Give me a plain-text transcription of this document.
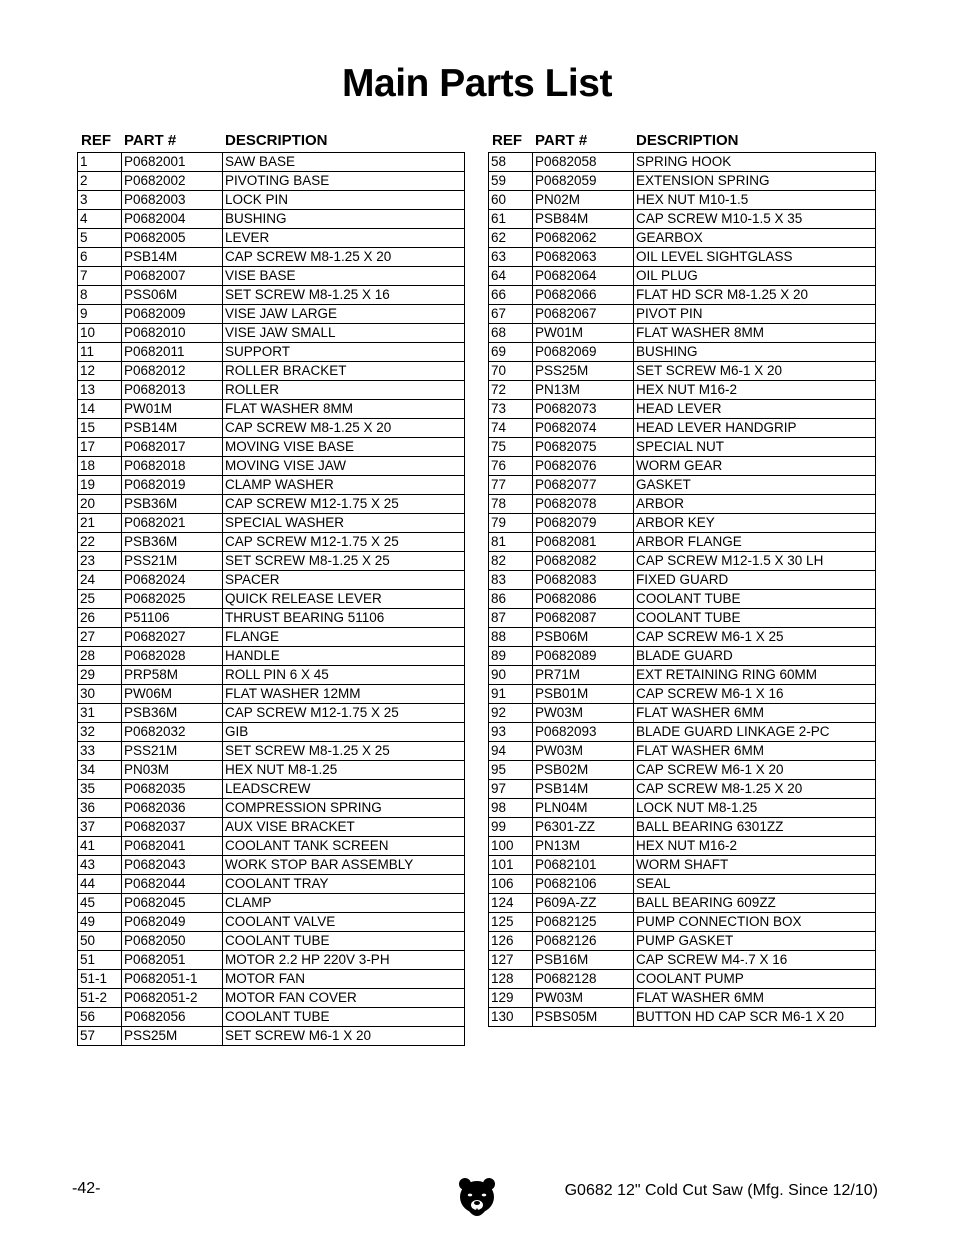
Main Parts List
REF PART #	DESCRIPTION
1	P0682001	SAW BASE
2	P0682002	PIVOTING BASE
3	P0682003	LOCK PIN
4	P0682004	BUSHING
5	P0682005	LEVER
6	PSB14M	CAP SCREW M8-1.25 X 20
7	P0682007	VISE BASE
8	PSS06M	SET SCREW M8-1.25 X 16
9	P0682009	VISE JAW LARGE
10	P0682010	VISE JAW SMALL
11	P0682011	SUPPORT
12	P0682012	ROLLER BRACKET
13	P0682013	ROLLER
14	PW01M	FLAT WASHER 8MM
15	PSB14M	CAP SCREW M8-1.25 X 20
17	P0682017	MOVING VISE BASE
18	P0682018	MOVING VISE JAW
19	P0682019	CLAMP WASHER
20	PSB36M	CAP SCREW M12-1.75 X 25
21	P0682021	SPECIAL WASHER
22	PSB36M	CAP SCREW M12-1.75 X 25
23	PSS21M	SET SCREW M8-1.25 X 25
24	P0682024	SPACER
25	P0682025	QUICK RELEASE LEVER
26	P51106	THRUST BEARING 51106
27	P0682027	FLANGE
28	P0682028	HANDLE
29	PRP58M	ROLL PIN 6 X 45
30	PW06M	FLAT WASHER 12MM
31	PSB36M	CAP SCREW M12-1.75 X 25
32	P0682032	GIB
33	PSS21M	SET SCREW M8-1.25 X 25
34	PN03M	HEX NUT M8-1.25
35	P0682035	LEADSCREW
36	P0682036	COMPRESSION SPRING
37	P0682037	AUX VISE BRACKET
41	P0682041	COOLANT TANK SCREEN
43	P0682043	WORK STOP BAR ASSEMBLY
44	P0682044	COOLANT TRAY
45	P0682045	CLAMP
49	P0682049	COOLANT VALVE
50	P0682050	COOLANT TUBE
51	P0682051	MOTOR 2.2 HP 220V 3-PH
51-1	P0682051-1	MOTOR FAN
51-2	P0682051-2	MOTOR FAN COVER
56	P0682056	COOLANT TUBE
57	PSS25M	SET SCREW M6-1 X 20
REF PART #	DESCRIPTION
58	P0682058	SPRING HOOK
59	P0682059	EXTENSION SPRING
60	PN02M	HEX NUT M10-1.5
61	PSB84M	CAP SCREW M10-1.5 X 35
62	P0682062	GEARBOX
63	P0682063	OIL LEVEL SIGHTGLASS
64	P0682064	OIL PLUG
66	P0682066	FLAT HD SCR M8-1.25 X 20
67	P0682067	PIVOT PIN
68	PW01M	FLAT WASHER 8MM
69	P0682069	BUSHING
70	PSS25M	SET SCREW M6-1 X 20
72	PN13M	HEX NUT M16-2
73	P0682073	HEAD LEVER
74	P0682074	HEAD LEVER HANDGRIP
75	P0682075	SPECIAL NUT
76	P0682076	WORM GEAR
77	P0682077	GASKET
78	P0682078	ARBOR
79	P0682079	ARBOR KEY
81	P0682081	ARBOR FLANGE
82	P0682082	CAP SCREW M12-1.5 X 30 LH
83	P0682083	FIXED GUARD
86	P0682086	COOLANT TUBE
87	P0682087	COOLANT TUBE
88	PSB06M	CAP SCREW M6-1 X 25
89	P0682089	BLADE GUARD
90	PR71M	EXT RETAINING RING 60MM
91	PSB01M	CAP SCREW M6-1 X 16
92	PW03M	FLAT WASHER 6MM
93	P0682093	BLADE GUARD LINKAGE 2-PC
94	PW03M	FLAT WASHER 6MM
95	PSB02M	CAP SCREW M6-1 X 20
97	PSB14M	CAP SCREW M8-1.25 X 20
98	PLN04M	LOCK NUT M8-1.25
99	P6301-ZZ	BALL BEARING 6301ZZ
100	PN13M	HEX NUT M16-2
101	P0682101	WORM SHAFT
106	P0682106	SEAL
124	P609A-ZZ	BALL BEARING 609ZZ
125	P0682125	PUMP CONNECTION BOX
126	P0682126	PUMP GASKET
127	PSB16M	CAP SCREW M4-.7 X 16
128	P0682128	COOLANT PUMP
129	PW03M	FLAT WASHER 6MM
130	PSBS05M	BUTTON HD CAP SCR M6-1 X 20
-42-	G0682 12" Cold Cut Saw (Mfg. Since 12/10)
